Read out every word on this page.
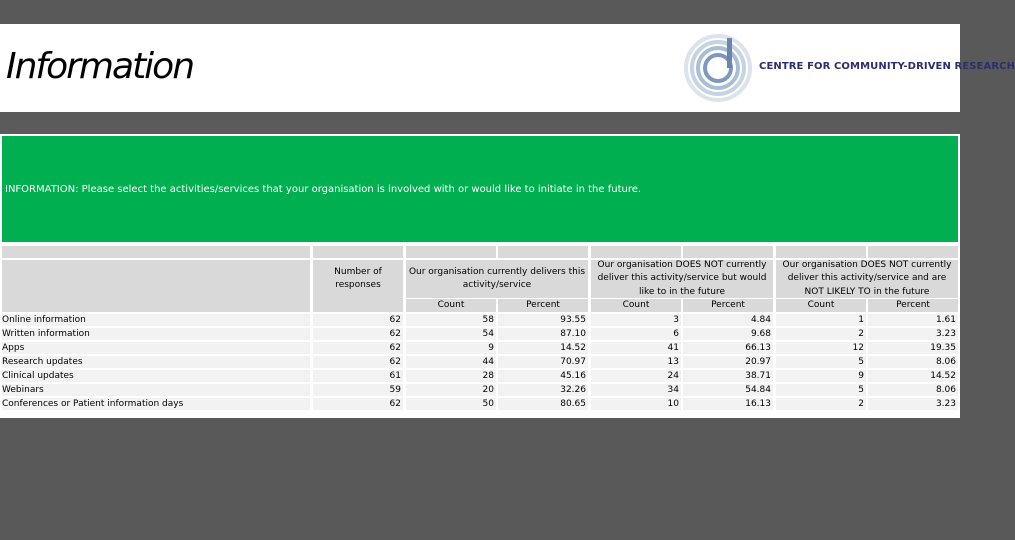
Information	CENTRE FOR COMMUNITY-DRIVEN RESEARCH
INFORMATION: Please select the activities/services that your organisation is involved with or would like to initiate in the future.
Number of
responses
Our organisation currently delivers this
activity/service
Our organisation DOES NOT currently
deliver this activity/service but would
like to in the future
Our organisation DOES NOT currently
deliver this activity/service and are
NOT LIKELY TO in the future
Count	Percent	Count	Percent	Count	Percent
Online information	62	58	93.55	3	4.84	1	1.61
Written information	62	54	87.10	6	9.68	2	3.23
Apps	62	9	14.52	41	66.13	12	19.35
Research updates	62	44	70.97	13	20.97	5	8.06
Clinical updates	61	28	45.16	24	38.71	9	14.52
Webinars	59	20	32.26	34	54.84	5	8.06
Conferences or Patient information days	62	50	80.65	10	16.13	2	3.23
